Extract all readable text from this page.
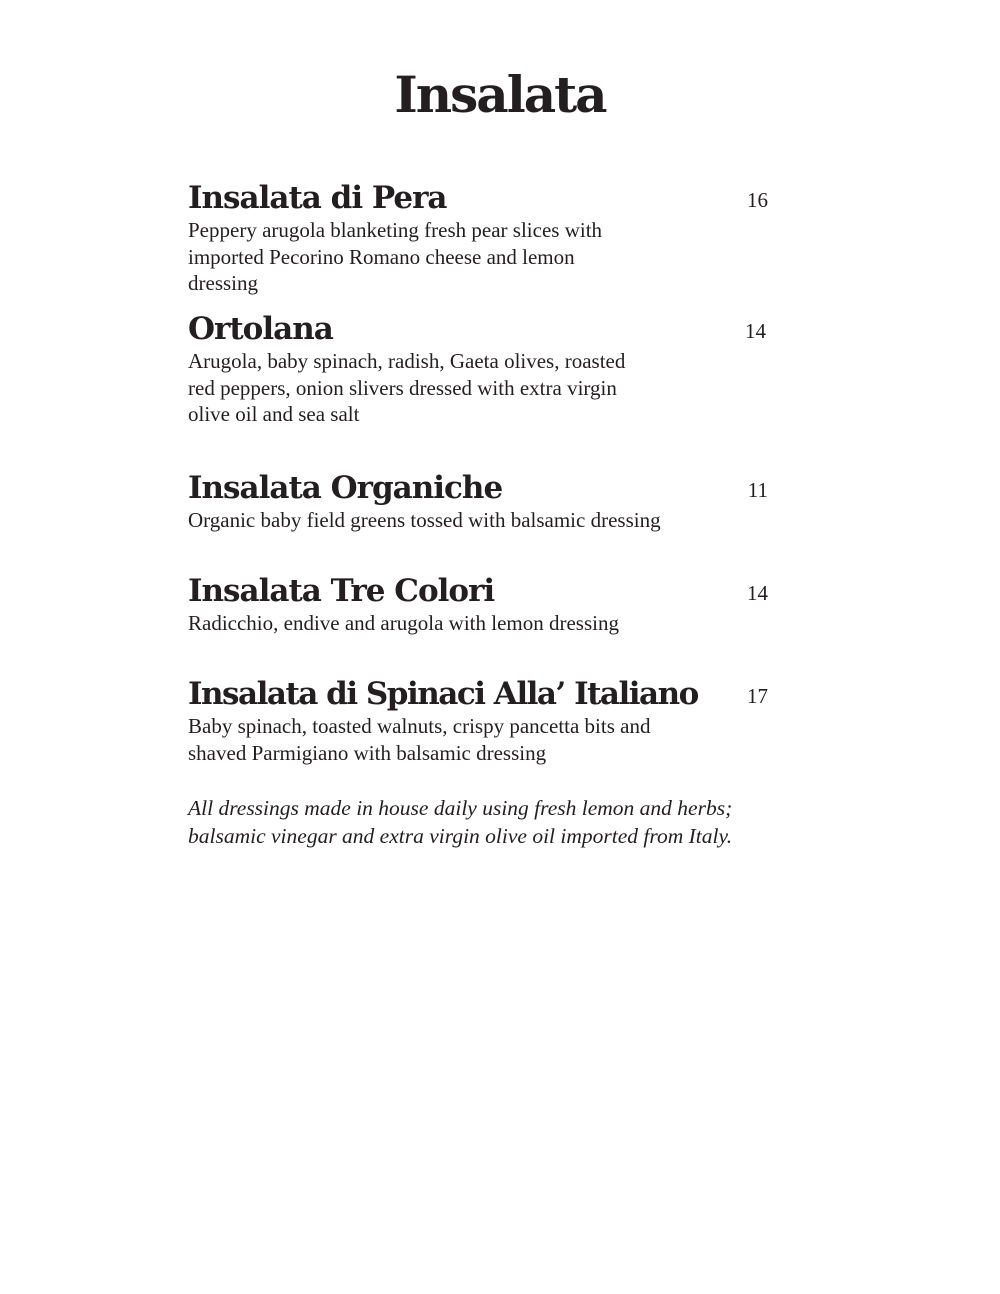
Insalata
Insalata di Pera	16
Peppery arugola blanketing fresh pear slices with imported Pecorino Romano cheese and lemon dressing
Ortolana	14
Arugola, baby spinach, radish, Gaeta olives, roasted red peppers, onion slivers dressed with extra virgin olive oil and sea salt
Insalata Organiche	11
Organic baby field greens tossed with balsamic dressing
Insalata Tre Colori	14
Radicchio, endive and arugola with lemon dressing
Insalata di Spinaci Alla’ Italiano 17
Baby spinach, toasted walnuts, crispy pancetta bits and shaved Parmigiano with balsamic dressing
All dressings made in house daily using fresh lemon and herbs; balsamic vinegar and extra virgin olive oil imported from Italy.
